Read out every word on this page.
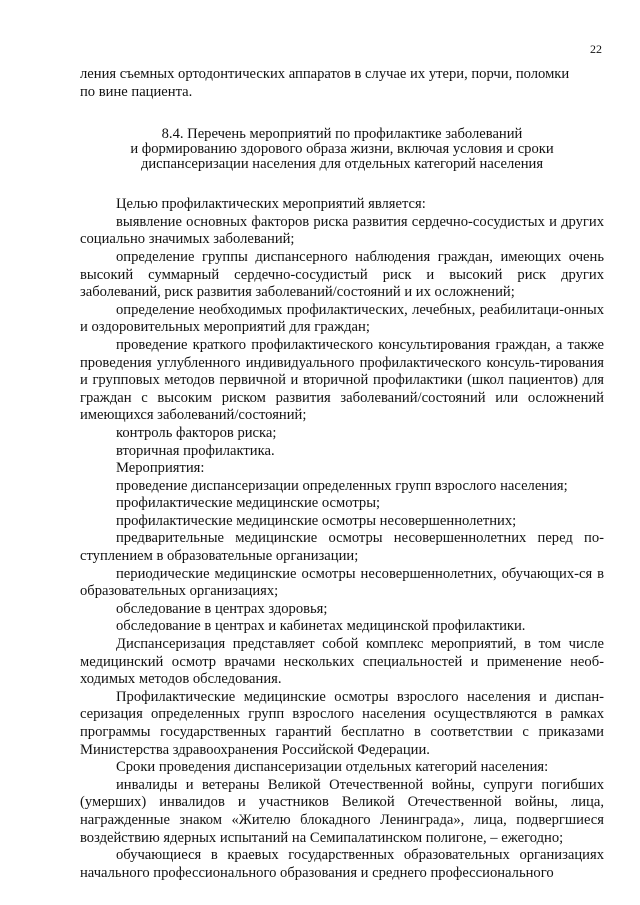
22
ления съемных ортодонтических аппаратов в случае их утери, порчи, поломки
по вине пациента.
8.4. Перечень мероприятий по профилактике заболеваний
и формированию здорового образа жизни, включая условия и сроки
диспансеризации населения для отдельных категорий населения

Целью профилактических мероприятий является:

выявление основных факторов риска развития сердечно-сосудистых и других социально значимых заболеваний;

определение группы диспансерного наблюдения граждан, имеющих очень высокий суммарный сердечно-сосудистый риск и высокий риск других заболеваний, риск развития заболеваний/состояний и их осложнений;

определение необходимых профилактических, лечебных, реабилитаци-онных и оздоровительных мероприятий для граждан;

проведение краткого профилактического консультирования граждан, а также проведения углубленного индивидуального профилактического консуль-тирования и групповых методов первичной и вторичной профилактики (школ пациентов) для граждан с высоким риском развития заболеваний/состояний или осложнений имеющихся заболеваний/состояний;

контроль факторов риска;

вторичная профилактика.

Мероприятия:

проведение диспансеризации определенных групп взрослого населения;

профилактические медицинские осмотры;

профилактические медицинские осмотры несовершеннолетних;

предварительные медицинские осмотры несовершеннолетних перед по-ступлением в образовательные организации;

периодические медицинские осмотры несовершеннолетних, обучающих-ся в образовательных организациях;

обследование в центрах здоровья;

обследование в центрах и кабинетах медицинской профилактики.

Диспансеризация представляет собой комплекс мероприятий, в том числе медицинский осмотр врачами нескольких специальностей и применение необ-ходимых методов обследования.

Профилактические медицинские осмотры взрослого населения и диспан-серизация определенных групп взрослого населения осуществляются в рамках программы государственных гарантий бесплатно в соответствии с приказами Министерства здравоохранения Российской Федерации.

Сроки проведения диспансеризации отдельных категорий населения:

инвалиды и ветераны Великой Отечественной войны, супруги погибших (умерших) инвалидов и участников Великой Отечественной войны, лица, награжденные знаком «Жителю блокадного Ленинграда», лица, подвергшиеся воздействию ядерных испытаний на Семипалатинском полигоне, – ежегодно;

обучающиеся в краевых государственных образовательных организациях начального профессионального образования и среднего профессионального
